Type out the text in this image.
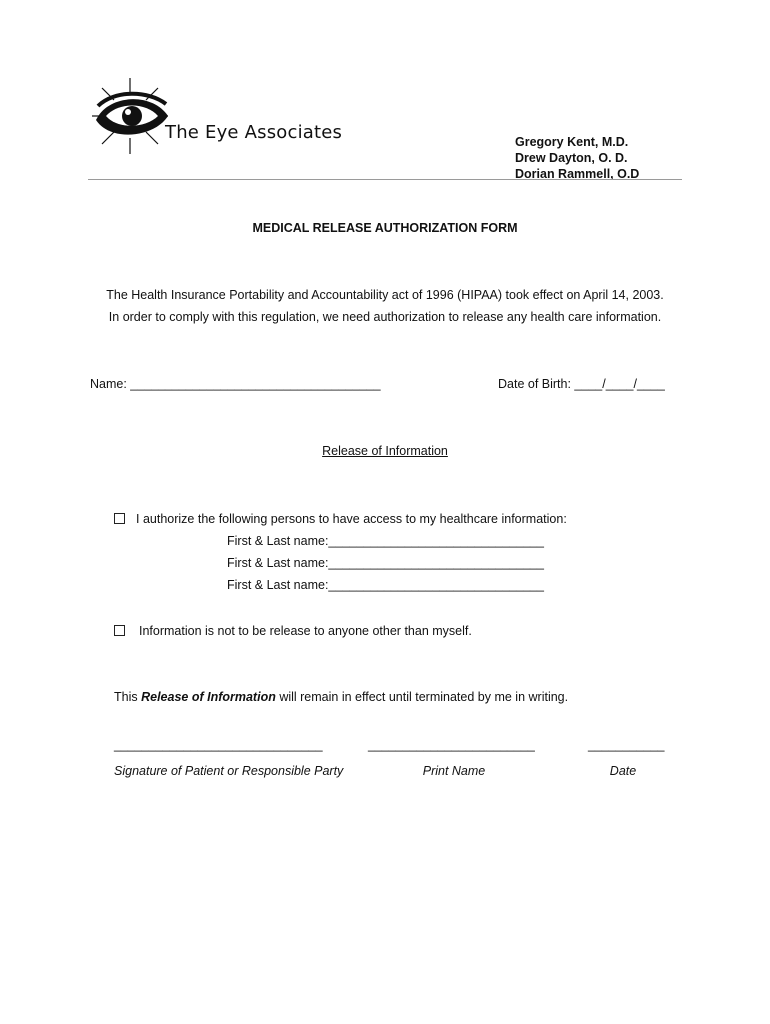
The Eye Associates	Gregory Kent, M.D.
Drew Dayton, O. D.
Dorian Rammell, O.D
MEDICAL RELEASE AUTHORIZATION FORM
The Health Insurance Portability and Accountability act of 1996 (HIPAA) took effect on April 14, 2003.
In order to comply with this regulation, we need authorization to release any health care information.
Name: ____________________________________	Date of Birth: ____/____/____
Release of Information
I authorize the following persons to have access to my healthcare information:
First & Last name:_______________________________
First & Last name:_______________________________
First & Last name:_______________________________
Information is not to be release to anyone other than myself.
This Release of Information will remain in effect until terminated by me in writing.
______________________________	________________________	___________
Signature of Patient or Responsible Party	Print Name	Date
